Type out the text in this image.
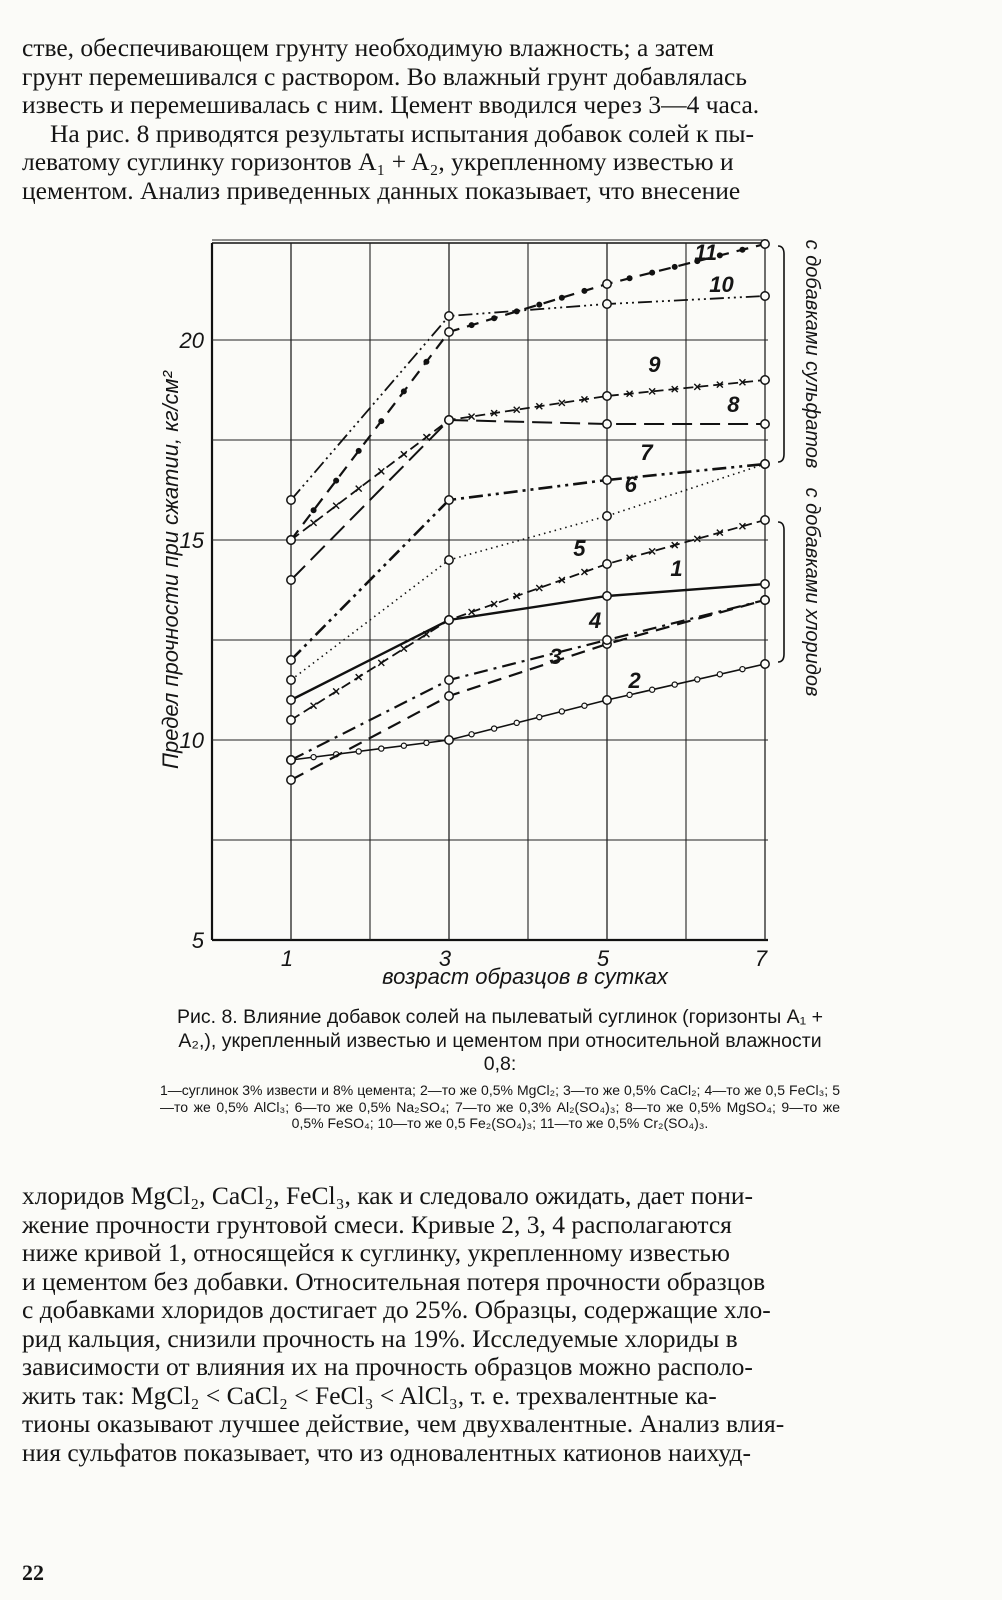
стве, обеспечивающем грунту необходимую влажность; а затем
грунт перемешивался с раствором. Во влажный грунт добавлялась
известь и перемешивалась с ним. Цемент вводился через 3—4 часа.
На рис. 8 приводятся результаты испытания добавок солей к пы-
леватому суглинку горизонтов A₁ + A₂, укрепленному известью и
цементом. Анализ приведенных данных показывает, что внесение
1
2
3
4
5
6
7
8
9
10
11
1	3	5	7
5
10
15
20
возраст образцов в сутках
Предел прочности при сжатии, кг/см²
с добавками сульфатов
с добавками хлоридов
Рис. 8. Влияние добавок солей на пылеватый суглинок (горизонты A₁ + A₂,), укрепленный известью и цементом при относительной влажности 0,8:
1—суглинок 3% извести и 8% цемента; 2—то же 0,5% MgCl₂; 3—то же 0,5% CaCl₂; 4—то же 0,5 FeCl₃; 5—то же 0,5% AlCl₃; 6—то же 0,5% Na₂SO₄; 7—то же 0,3% Al₂(SO₄)₃; 8—то же 0,5% MgSO₄; 9—то же 0,5% FeSO₄; 10—то же 0,5 Fe₂(SO₄)₃; 11—то же 0,5% Cr₂(SO₄)₃.
хлоридов MgCl₂, CaCl₂, FeCl₃, как и следовало ожидать, дает пони-
жение прочности грунтовой смеси. Кривые 2, 3, 4 располагаются
ниже кривой 1, относящейся к суглинку, укрепленному известью
и цементом без добавки. Относительная потеря прочности образцов
с добавками хлоридов достигает до 25%. Образцы, содержащие хло-
рид кальция, снизили прочность на 19%. Исследуемые хлориды в
зависимости от влияния их на прочность образцов можно располо-
жить так: MgCl₂ < CaCl₂ < FeCl₃ < AlCl₃, т. е. трехвалентные ка-
тионы оказывают лучшее действие, чем двухвалентные. Анализ влия-
ния сульфатов показывает, что из одновалентных катионов наихуд-
22
